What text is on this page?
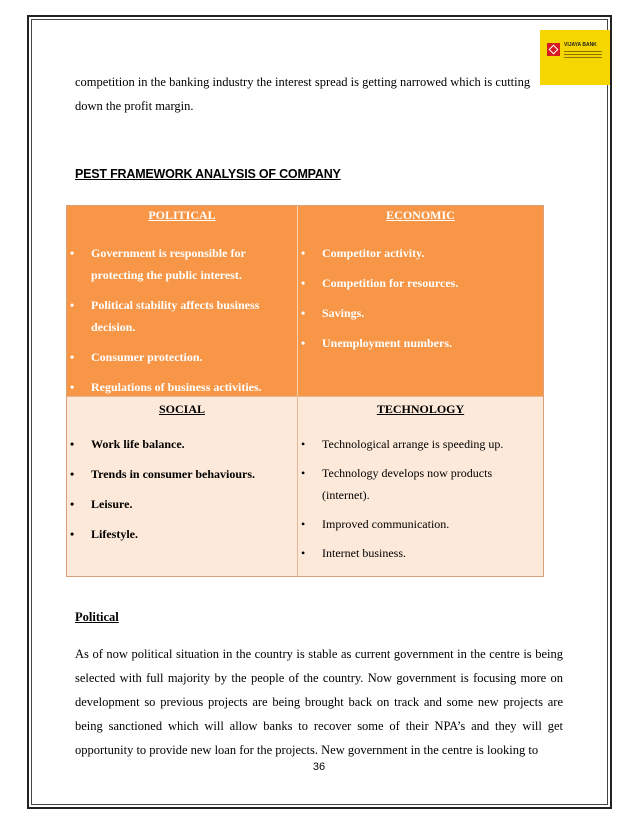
VIJAYA BANK
competition in the banking industry the interest spread is getting narrowed which is cutting
down the profit margin.
PEST FRAMEWORK ANALYSIS OF COMPANY
POLITICAL
• Government is responsible for protecting the public interest.
• Political stability affects business decision.
• Consumer protection.
• Regulations of business activities.
ECONOMIC
• Competitor activity.
• Competition for resources.
• Savings.
• Unemployment numbers.
SOCIAL
• Work life balance.
• Trends in consumer behaviours.
• Leisure.
• Lifestyle.
TECHNOLOGY
• Technological arrange is speeding up.
• Technology develops now products (internet).
• Improved communication.
• Internet business.
Political
As of now political situation in the country is stable as current government in the centre is being selected with full majority by the people of the country. Now government is focusing more on development so previous projects are being brought back on track and some new projects are being sanctioned which will allow banks to recover some of their NPA’s and they will get opportunity to provide new loan for the projects. New government in the centre is looking to
36
